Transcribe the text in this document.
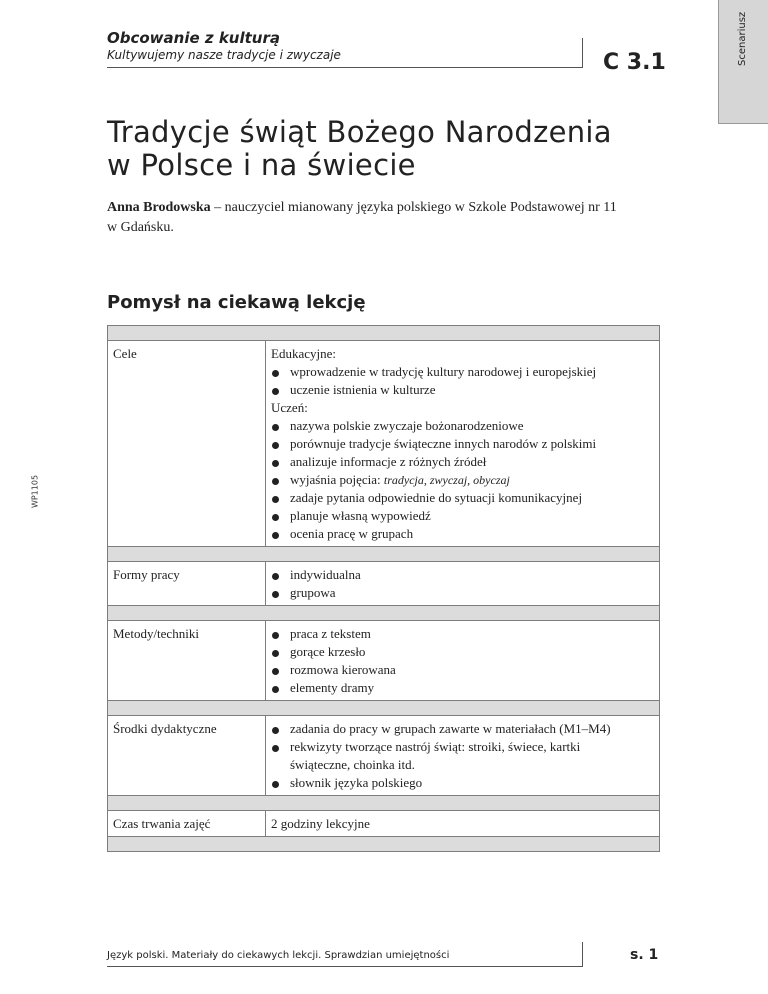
Obcowanie z kulturą
Kultywujemy nasze tradycje i zwyczaje	C 3.1	Scenariusz
WP1105
Tradycje świąt Bożego Narodzenia
w Polsce i na świecie
Anna Brodowska – nauczyciel mianowany języka polskiego w Szkole Podstawowej nr 11
w Gdańsku.
Pomysł na ciekawą lekcję
Cele	Edukacyjne:
wprowadzenie w tradycję kultury narodowej i europejskiej
uczenie istnienia w kulturze
Uczeń:
nazywa polskie zwyczaje bożonarodzeniowe
porównuje tradycje świąteczne innych narodów z polskimi
analizuje informacje z różnych źródeł
wyjaśnia pojęcia: tradycja, zwyczaj, obyczaj
zadaje pytania odpowiednie do sytuacji komunikacyjnej
planuje własną wypowiedź
ocenia pracę w grupach
Formy pracy	indywidualna
grupowa
Metody/techniki	praca z tekstem
gorące krzesło
rozmowa kierowana
elementy dramy
Środki dydaktyczne	zadania do pracy w grupach zawarte w materiałach (M1–M4)
rekwizyty tworzące nastrój świąt: stroiki, świece, kartki
świąteczne, choinka itd.
słownik języka polskiego
Czas trwania zajęć	2 godziny lekcyjne
Język polski. Materiały do ciekawych lekcji. Sprawdzian umiejętności	s. 1
